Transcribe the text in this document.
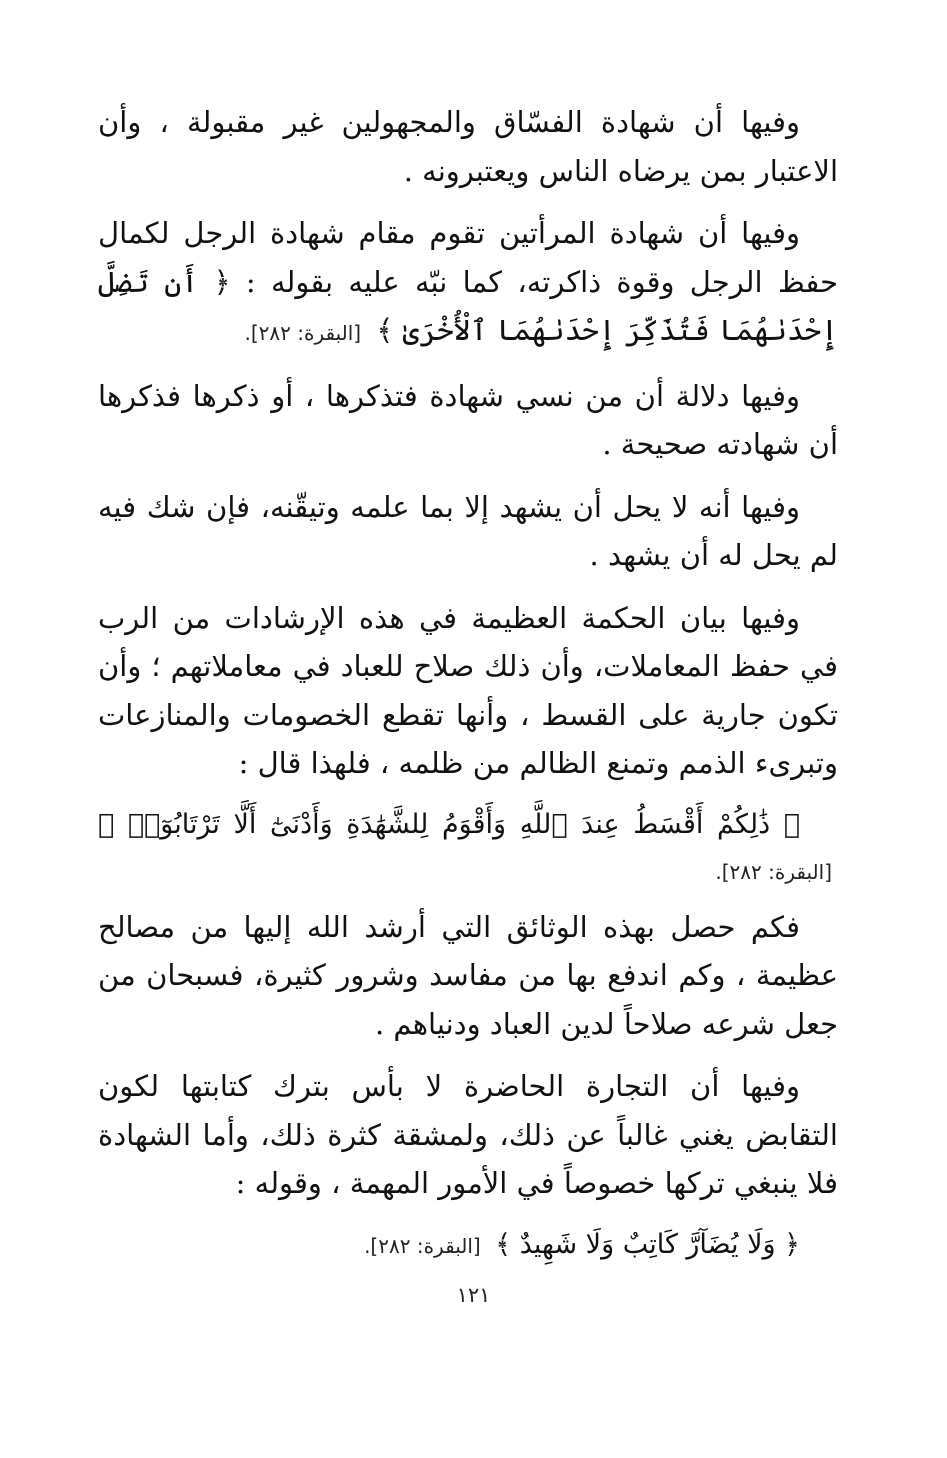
وفيها أن شهادة الفسّاق والمجهولين غير مقبولة ، وأن الاعتبار بمن يرضاه الناس ويعتبرونه .

وفيها أن شهادة المرأتين تقوم مقام شهادة الرجل لكمال حفظ الرجل وقوة ذاكرته، كما نبّه عليه بقوله : ﴿ أَن تَضِلَّ إِحْدَىٰهُمَا فَتُذَكِّرَ إِحْدَىٰهُمَا ٱلْأُخْرَىٰ ﴾ [البقرة: ٢٨٢].

وفيها دلالة أن من نسي شهادة فتذكرها ، أو ذكرها فذكرها أن شهادته صحيحة .

وفيها أنه لا يحل أن يشهد إلا بما علمه وتيقّنه، فإن شك فيه لم يحل له أن يشهد .

وفيها بيان الحكمة العظيمة في هذه الإرشادات من الرب في حفظ المعاملات، وأن ذلك صلاح للعباد في معاملاتهم ؛ وأن تكون جارية على القسط ، وأنها تقطع الخصومات والمنازعات وتبرىء الذمم وتمنع الظالم من ظلمه ، فلهذا قال :

﴿ ذَٰلِكُمْ أَقْسَطُ عِندَ ٱللَّهِ وَأَقْوَمُ لِلشَّهَٰدَةِ وَأَدْنَىٰٓ أَلَّا تَرْتَابُوٓا۟ ﴾ [البقرة: ٢٨٢].

فكم حصل بهذه الوثائق التي أرشد الله إليها من مصالح عظيمة ، وكم اندفع بها من مفاسد وشرور كثيرة، فسبحان من جعل شرعه صلاحاً لدين العباد ودنياهم .

وفيها أن التجارة الحاضرة لا بأس بترك كتابتها لكون التقابض يغني غالباً عن ذلك، ولمشقة كثرة ذلك، وأما الشهادة فلا ينبغي تركها خصوصاً في الأمور المهمة ، وقوله :

﴿ وَلَا يُضَآرَّ كَاتِبٌ وَلَا شَهِيدٌ ﴾ [البقرة: ٢٨٢].

١٢١
